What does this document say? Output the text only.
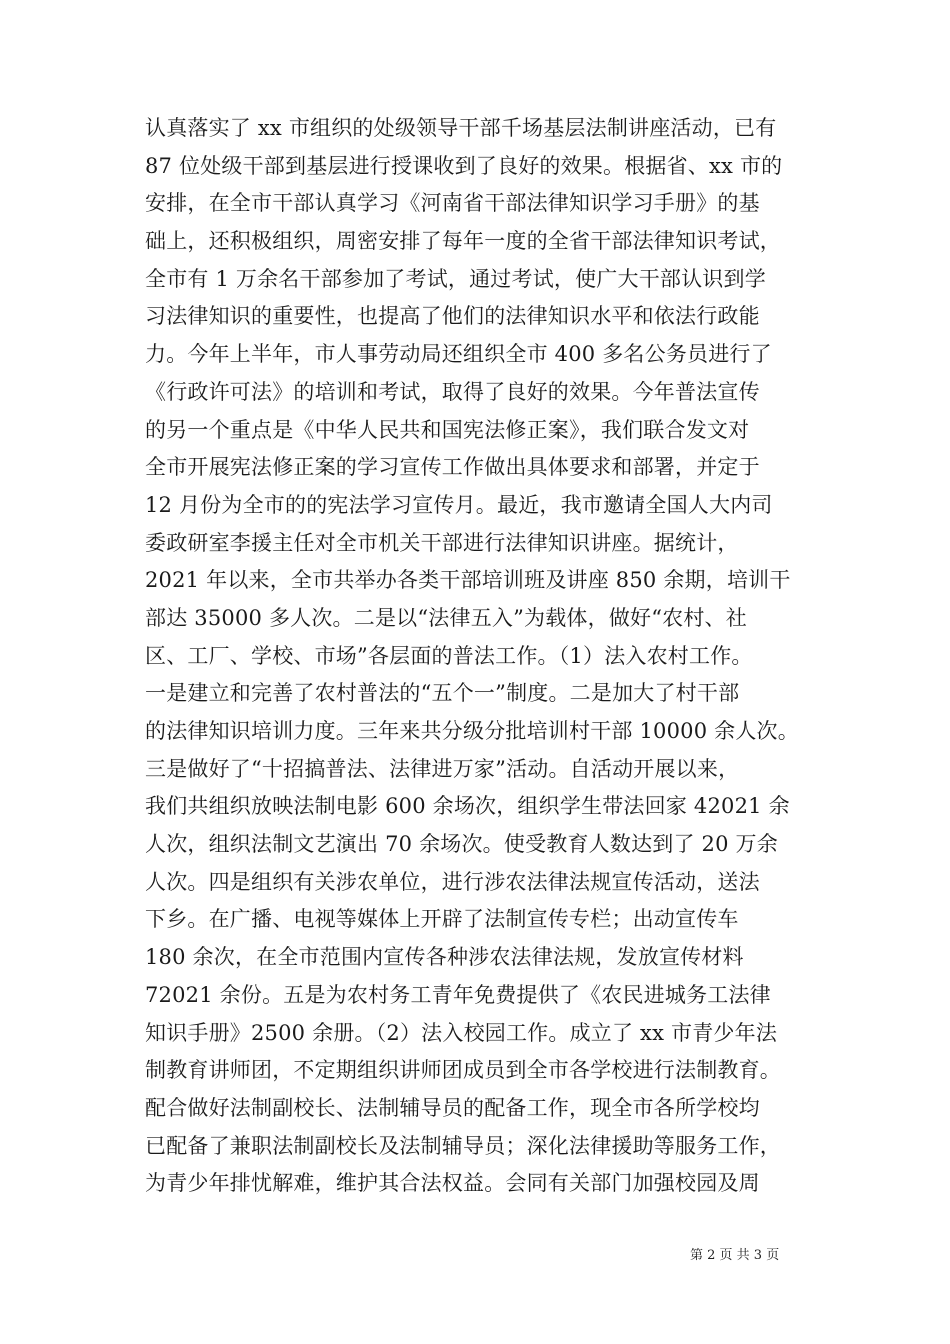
认真落实了 xx 市组织的处级领导干部千场基层法制讲座活动，已有
87 位处级干部到基层进行授课收到了良好的效果。根据省、xx 市的
安排，在全市干部认真学习《河南省干部法律知识学习手册》的基
础上，还积极组织，周密安排了每年一度的全省干部法律知识考试，
全市有 1 万余名干部参加了考试，通过考试，使广大干部认识到学
习法律知识的重要性，也提高了他们的法律知识水平和依法行政能
力。今年上半年，市人事劳动局还组织全市 400 多名公务员进行了
《行政许可法》的培训和考试，取得了良好的效果。今年普法宣传
的另一个重点是《中华人民共和国宪法修正案》，我们联合发文对
全市开展宪法修正案的学习宣传工作做出具体要求和部署，并定于
12 月份为全市的的宪法学习宣传月。最近，我市邀请全国人大内司
委政研室李援主任对全市机关干部进行法律知识讲座。据统计，
2021 年以来，全市共举办各类干部培训班及讲座 850 余期，培训干
部达 35000 多人次。二是以“法律五入”为载体，做好“农村、社
区、工厂、学校、市场”各层面的普法工作。（1）法入农村工作。
一是建立和完善了农村普法的“五个一”制度。二是加大了村干部
的法律知识培训力度。三年来共分级分批培训村干部 10000 余人次。
三是做好了“十招搞普法、法律进万家”活动。自活动开展以来，
我们共组织放映法制电影 600 余场次，组织学生带法回家 42021 余
人次，组织法制文艺演出 70 余场次。使受教育人数达到了 20 万余
人次。四是组织有关涉农单位，进行涉农法律法规宣传活动，送法
下乡。在广播、电视等媒体上开辟了法制宣传专栏；出动宣传车
180 余次，在全市范围内宣传各种涉农法律法规，发放宣传材料
72021 余份。五是为农村务工青年免费提供了《农民进城务工法律
知识手册》2500 余册。（2）法入校园工作。成立了 xx 市青少年法
制教育讲师团，不定期组织讲师团成员到全市各学校进行法制教育。
配合做好法制副校长、法制辅导员的配备工作，现全市各所学校均
已配备了兼职法制副校长及法制辅导员；深化法律援助等服务工作，
为青少年排忧解难，维护其合法权益。会同有关部门加强校园及周
第 2 页 共 3 页
